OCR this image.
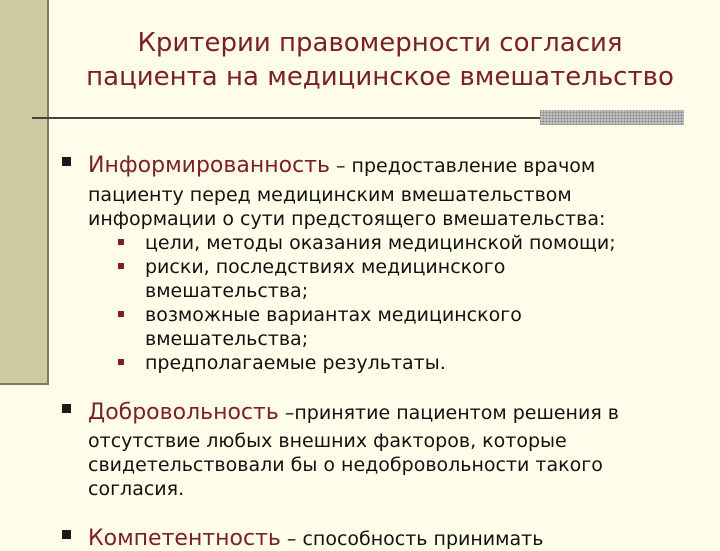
Критерии правомерности согласия
пациента на медицинское вмешательство
Информированность – предоставление врачом
пациенту перед медицинским вмешательством
информации о сути предстоящего вмешательства:
цели, методы оказания медицинской помощи;
риски, последствиях медицинского
вмешательства;
возможные вариантах медицинского
вмешательства;
предполагаемые результаты.
Добровольность –принятие пациентом решения в
отсутствие любых внешних факторов, которые
свидетельствовали бы о недобровольности такого
согласия.
Компетентность – способность принимать
